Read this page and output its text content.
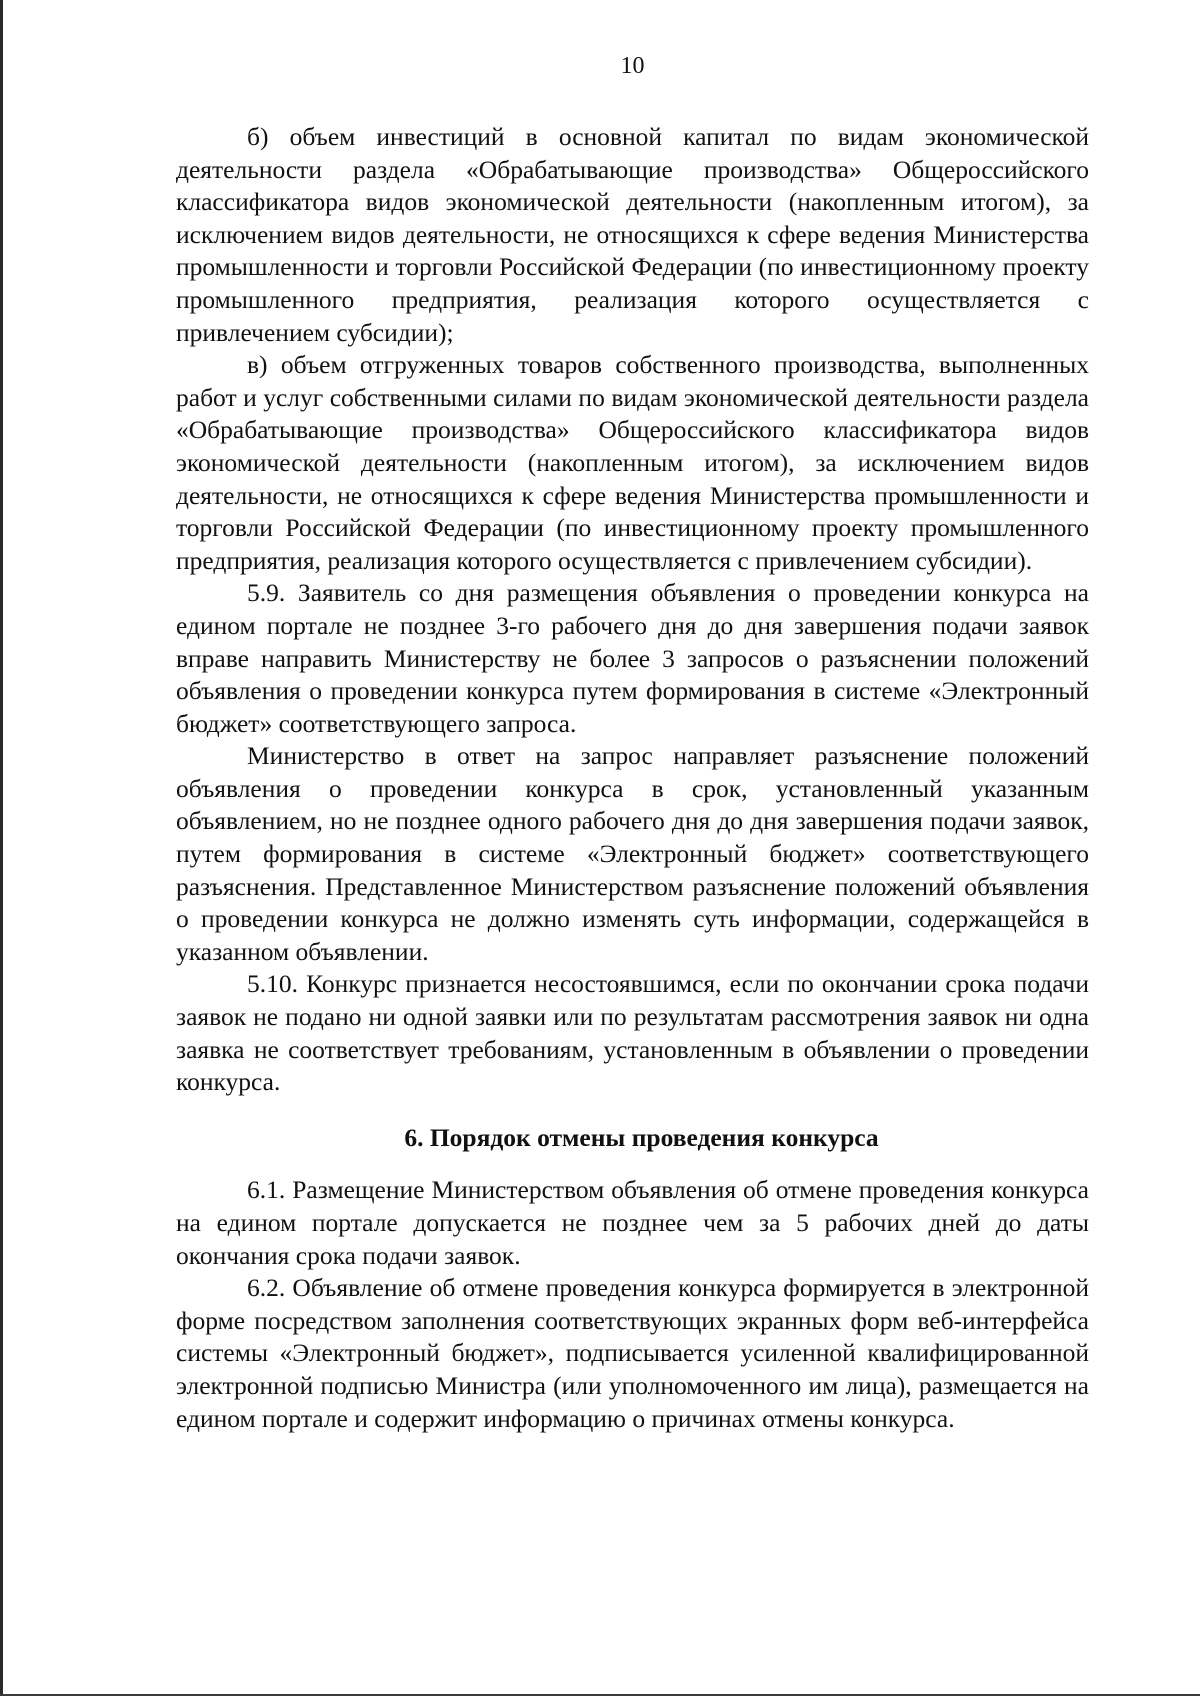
10

б) объем инвестиций в основной капитал по видам экономической деятельности раздела «Обрабатывающие производства» Общероссийского классификатора видов экономической деятельности (накопленным итогом), за исключением видов деятельности, не относящихся к сфере ведения Министерства промышленности и торговли Российской Федерации (по инвестиционному проекту промышленного предприятия, реализация которого осуществляется с привлечением субсидии);

в) объем отгруженных товаров собственного производства, выполненных работ и услуг собственными силами по видам экономической деятельности раздела «Обрабатывающие производства» Общероссийского классификатора видов экономической деятельности (накопленным итогом), за исключением видов деятельности, не относящихся к сфере ведения Министерства промышленности и торговли Российской Федерации (по инвестиционному проекту промышленного предприятия, реализация которого осуществляется с привлечением субсидии).

5.9. Заявитель со дня размещения объявления о проведении конкурса на едином портале не позднее 3-го рабочего дня до дня завершения подачи заявок вправе направить Министерству не более 3 запросов о разъяснении положений объявления о проведении конкурса путем формирования в системе «Электронный бюджет» соответствующего запроса.

Министерство в ответ на запрос направляет разъяснение положений объявления о проведении конкурса в срок, установленный указанным объявлением, но не позднее одного рабочего дня до дня завершения подачи заявок, путем формирования в системе «Электронный бюджет» соответствующего разъяснения. Представленное Министерством разъяснение положений объявления о проведении конкурса не должно изменять суть информации, содержащейся в указанном объявлении.

5.10. Конкурс признается несостоявшимся, если по окончании срока подачи заявок не подано ни одной заявки или по результатам рассмотрения заявок ни одна заявка не соответствует требованиям, установленным в объявлении о проведении конкурса.

6. Порядок отмены проведения конкурса

6.1. Размещение Министерством объявления об отмене проведения конкурса на едином портале допускается не позднее чем за 5 рабочих дней до даты окончания срока подачи заявок.

6.2. Объявление об отмене проведения конкурса формируется в электронной форме посредством заполнения соответствующих экранных форм веб-интерфейса системы «Электронный бюджет», подписывается усиленной квалифицированной электронной подписью Министра (или уполномоченного им лица), размещается на едином портале и содержит информацию о причинах отмены конкурса.
